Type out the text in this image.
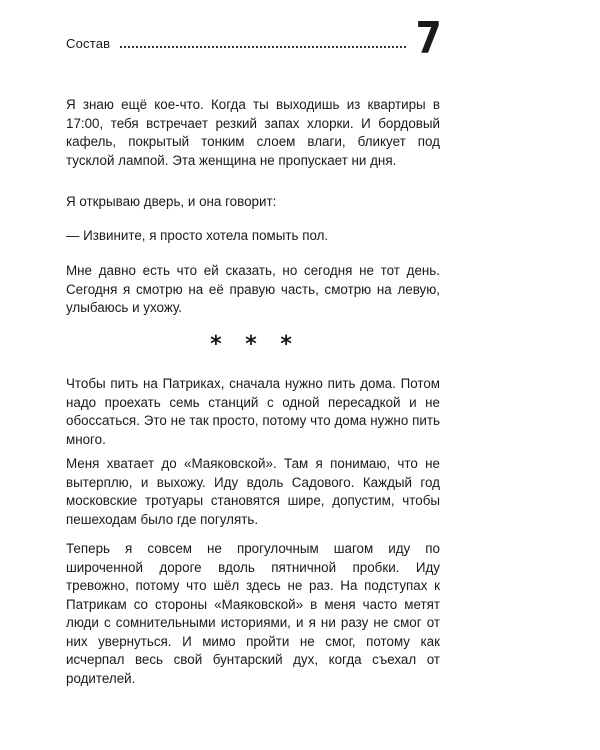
Состав	7

Я знаю ещё кое-что. Когда ты выходишь из квартиры в 17:00, тебя встречает резкий запах хлорки. И бордовый кафель, покрытый тонким слоем влаги, бликует под тусклой лампой. Эта женщина не пропускает ни дня.

Я открываю дверь, и она говорит:

— Извините, я просто хотела помыть пол.

Мне давно есть что ей сказать, но сегодня не тот день. Сегодня я смотрю на её правую часть, смотрю на левую, улыбаюсь и ухожу.

* * *

Чтобы пить на Патриках, сначала нужно пить дома. Потом надо проехать семь станций с одной пересадкой и не обоссаться. Это не так просто, потому что дома нужно пить много.

Меня хватает до «Маяковской». Там я понимаю, что не вытерплю, и выхожу. Иду вдоль Садового. Каждый год московские тротуары становятся шире, допустим, чтобы пешеходам было где погулять.

Теперь я совсем не прогулочным шагом иду по широченной дороге вдоль пятничной пробки. Иду тревожно, потому что шёл здесь не раз. На подступах к Патрикам со стороны «Маяковской» в меня часто метят люди с сомнительными историями, и я ни разу не смог от них увернуться. И мимо пройти не смог, потому как исчерпал весь свой бунтарский дух, когда съехал от родителей.
